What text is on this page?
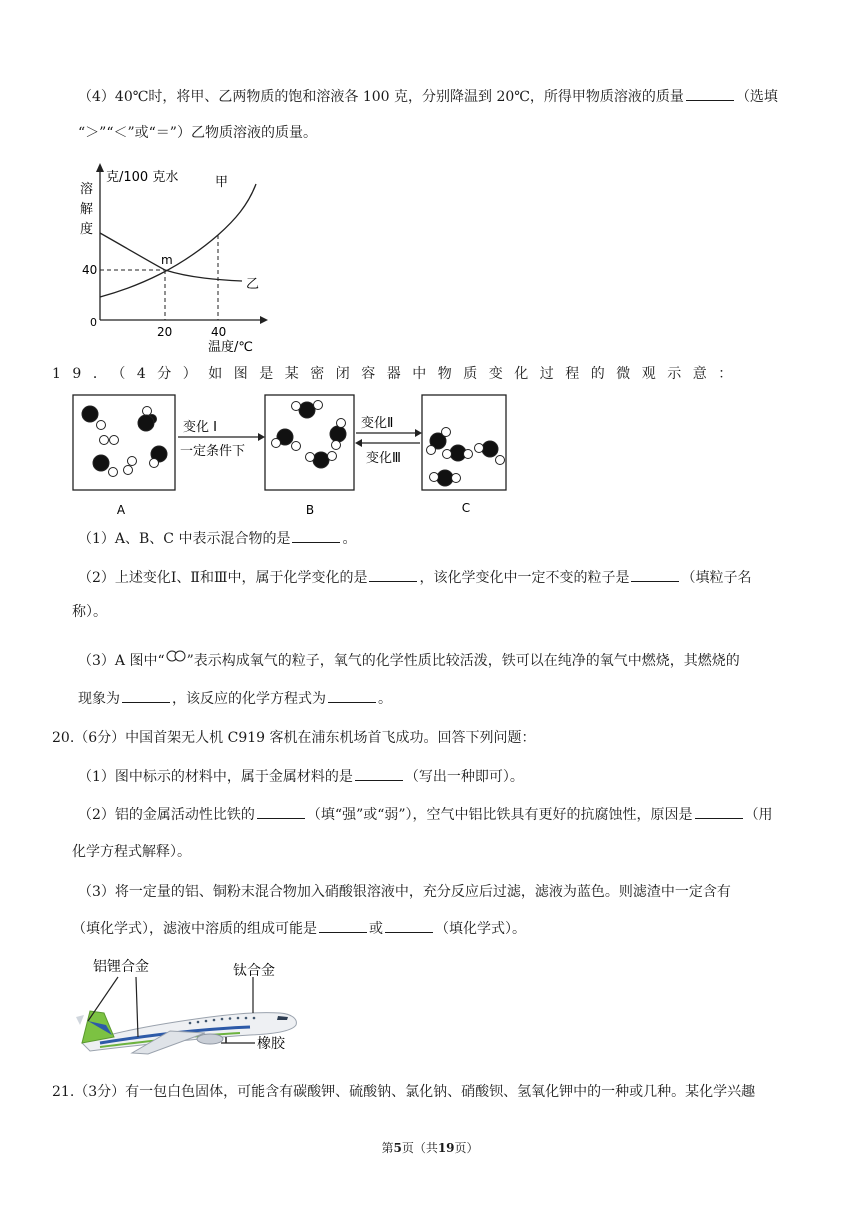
（4）40℃时，将甲、乙两物质的饱和溶液各 100 克，分别降温到 20℃，所得甲物质溶液的质量	（选填
“＞”“＜”或“＝”）乙物质溶液的质量。
克/100 克水
溶
解
度
40
0
20	40
温度/℃
m
甲
乙
19．（4分）如图是某密闭容器中物质变化过程的微观示意：
A
变化 I
一定条件下
B
变化Ⅱ
变化Ⅲ
C
（1）A、B、C 中表示混合物的是	。
（2）上述变化Ⅰ、Ⅱ和Ⅲ中，属于化学变化的是	，该化学变化中一定不变的粒子是	（填粒子名
称）。
（3）A 图中“ ”表示构成氧气的粒子，氧气的化学性质比较活泼，铁可以在纯净的氧气中燃烧，其燃烧的
现象为	，该反应的化学方程式为	。
20.（6分）中国首架无人机 C919 客机在浦东机场首飞成功。回答下列问题：
（1）图中标示的材料中，属于金属材料的是	（写出一种即可）。
（2）铝的金属活动性比铁的	（填“强”或“弱”），空气中铝比铁具有更好的抗腐蚀性，原因是	（用
化学方程式解释）。
（3）将一定量的铝、铜粉末混合物加入硝酸银溶液中，充分反应后过滤，滤液为蓝色。则滤渣中一定含有
（填化学式），滤液中溶质的组成可能是	或	（填化学式）。
铝锂合金	钛合金
橡胶
21.（3分）有一包白色固体，可能含有碳酸钾、硫酸钠、氯化钠、硝酸钡、氢氧化钾中的一种或几种。某化学兴趣
第5页（共19页）
